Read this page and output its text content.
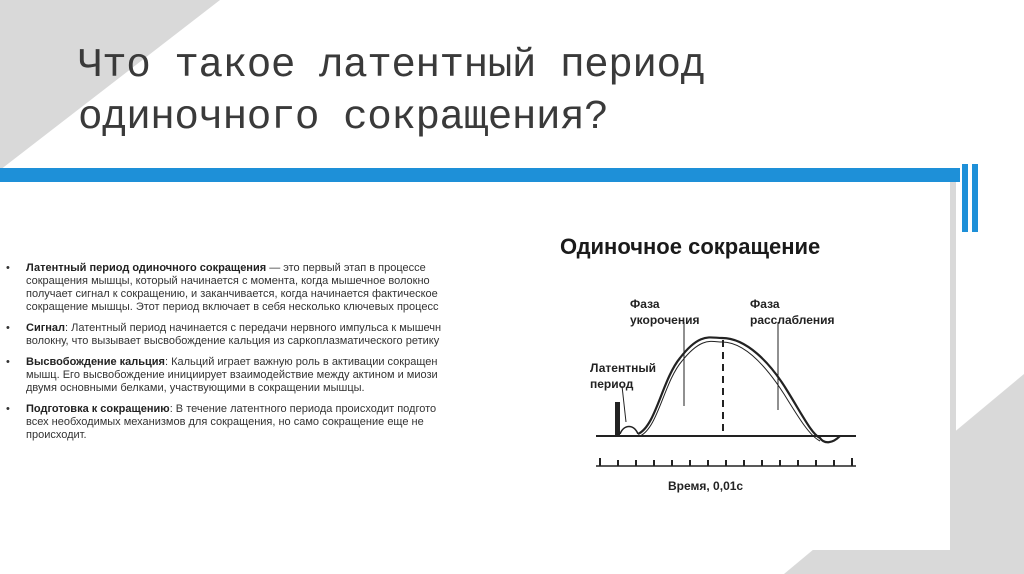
Что такое латентный период
одиночного сокращения?
• Латентный период одиночного сокращения — это первый этап в процессе
сокращения мышцы, который начинается с момента, когда мышечное волокно
получает сигнал к сокращению, и заканчивается, когда начинается фактическое
сокращение мышцы. Этот период включает в себя несколько ключевых процесс
• Сигнал: Латентный период начинается с передачи нервного импульса к мышечн
волокну, что вызывает высвобождение кальция из саркоплазматического ретику
• Высвобождение кальция: Кальций играет важную роль в активации сокращен
мышц. Его высвобождение инициирует взаимодействие между актином и миози
двумя основными белками, участвующими в сокращении мышцы.
• Подготовка к сокращению: В течение латентного периода происходит подгото
всех необходимых механизмов для сокращения, но само сокращение еще не
происходит.

Одиночное сокращение

Фаза
укорочения
Фаза
расслабления
Латентный
период
Время, 0,01с
